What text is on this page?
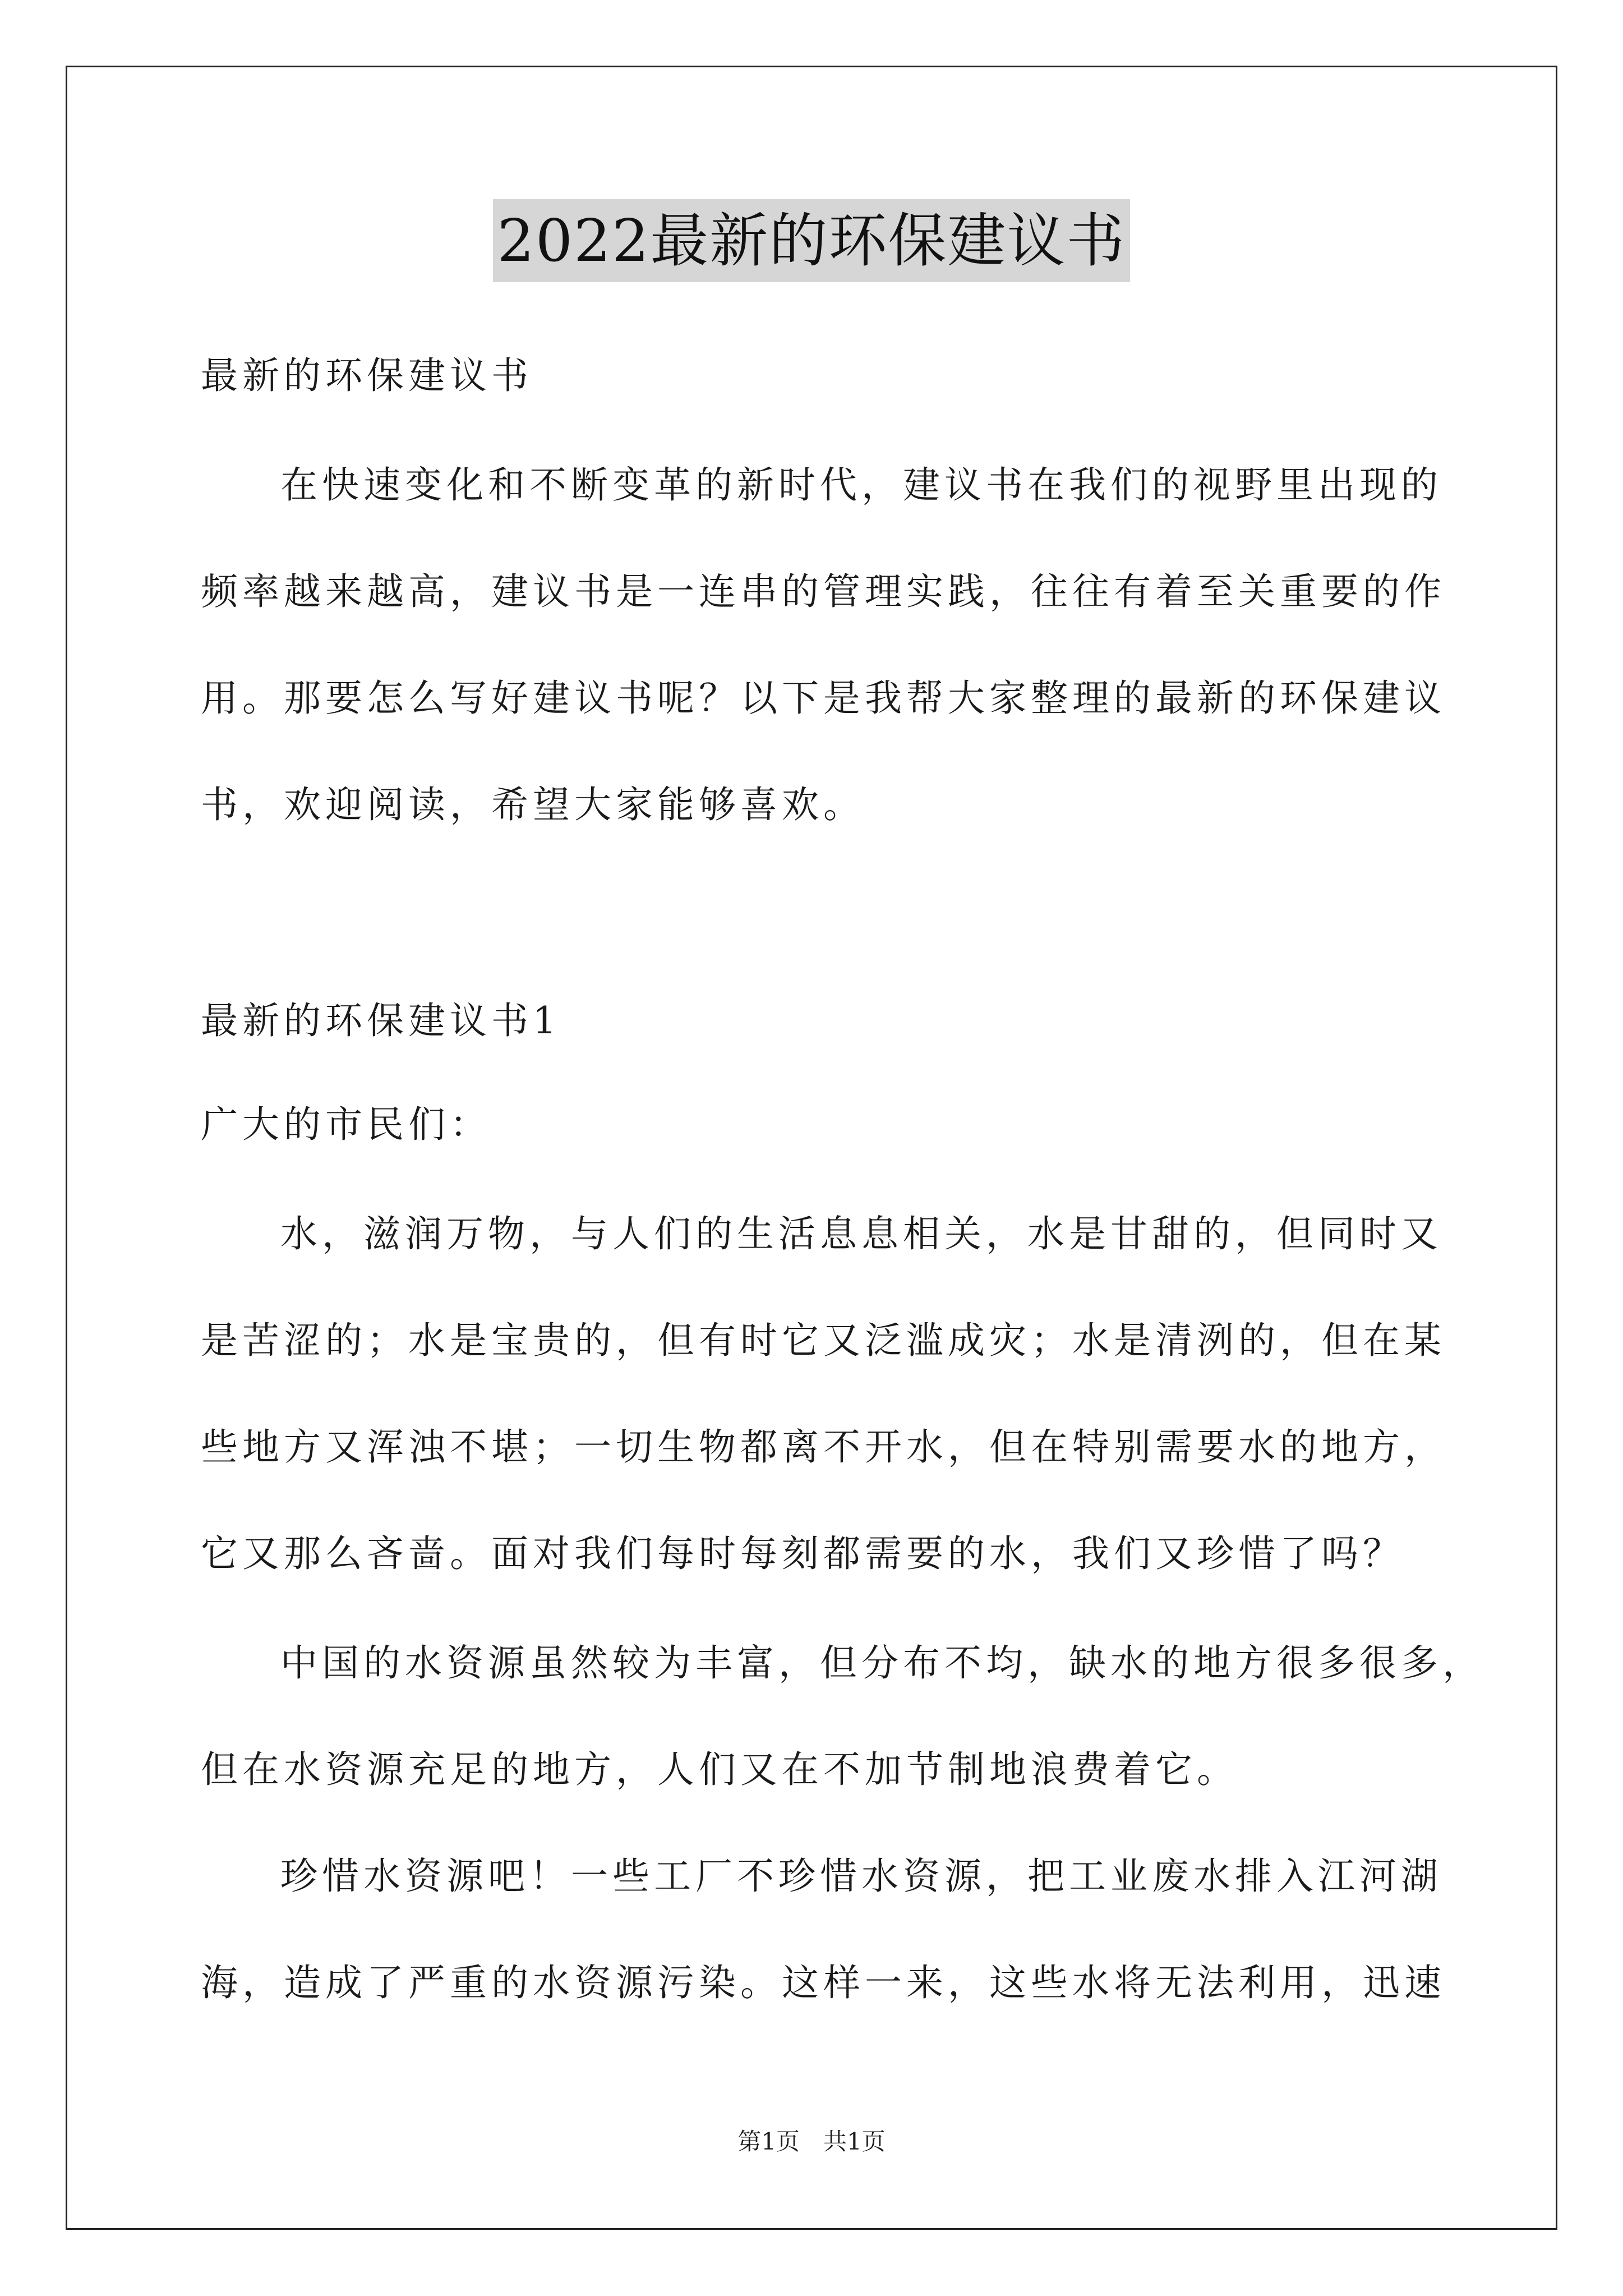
2022最新的环保建议书
最新的环保建议书
在快速变化和不断变革的新时代，建议书在我们的视野里出现的
频率越来越高，建议书是一连串的管理实践，往往有着至关重要的作
用。那要怎么写好建议书呢？以下是我帮大家整理的最新的环保建议
书，欢迎阅读，希望大家能够喜欢。
最新的环保建议书1
广大的市民们：
水，滋润万物，与人们的生活息息相关，水是甘甜的，但同时又
是苦涩的；水是宝贵的，但有时它又泛滥成灾；水是清洌的，但在某
些地方又浑浊不堪；一切生物都离不开水，但在特别需要水的地方，
它又那么吝啬。面对我们每时每刻都需要的水，我们又珍惜了吗？
中国的水资源虽然较为丰富，但分布不均，缺水的地方很多很多，
但在水资源充足的地方，人们又在不加节制地浪费着它。
珍惜水资源吧！一些工厂不珍惜水资源，把工业废水排入江河湖
海，造成了严重的水资源污染。这样一来，这些水将无法利用，迅速
第1页　共1页
